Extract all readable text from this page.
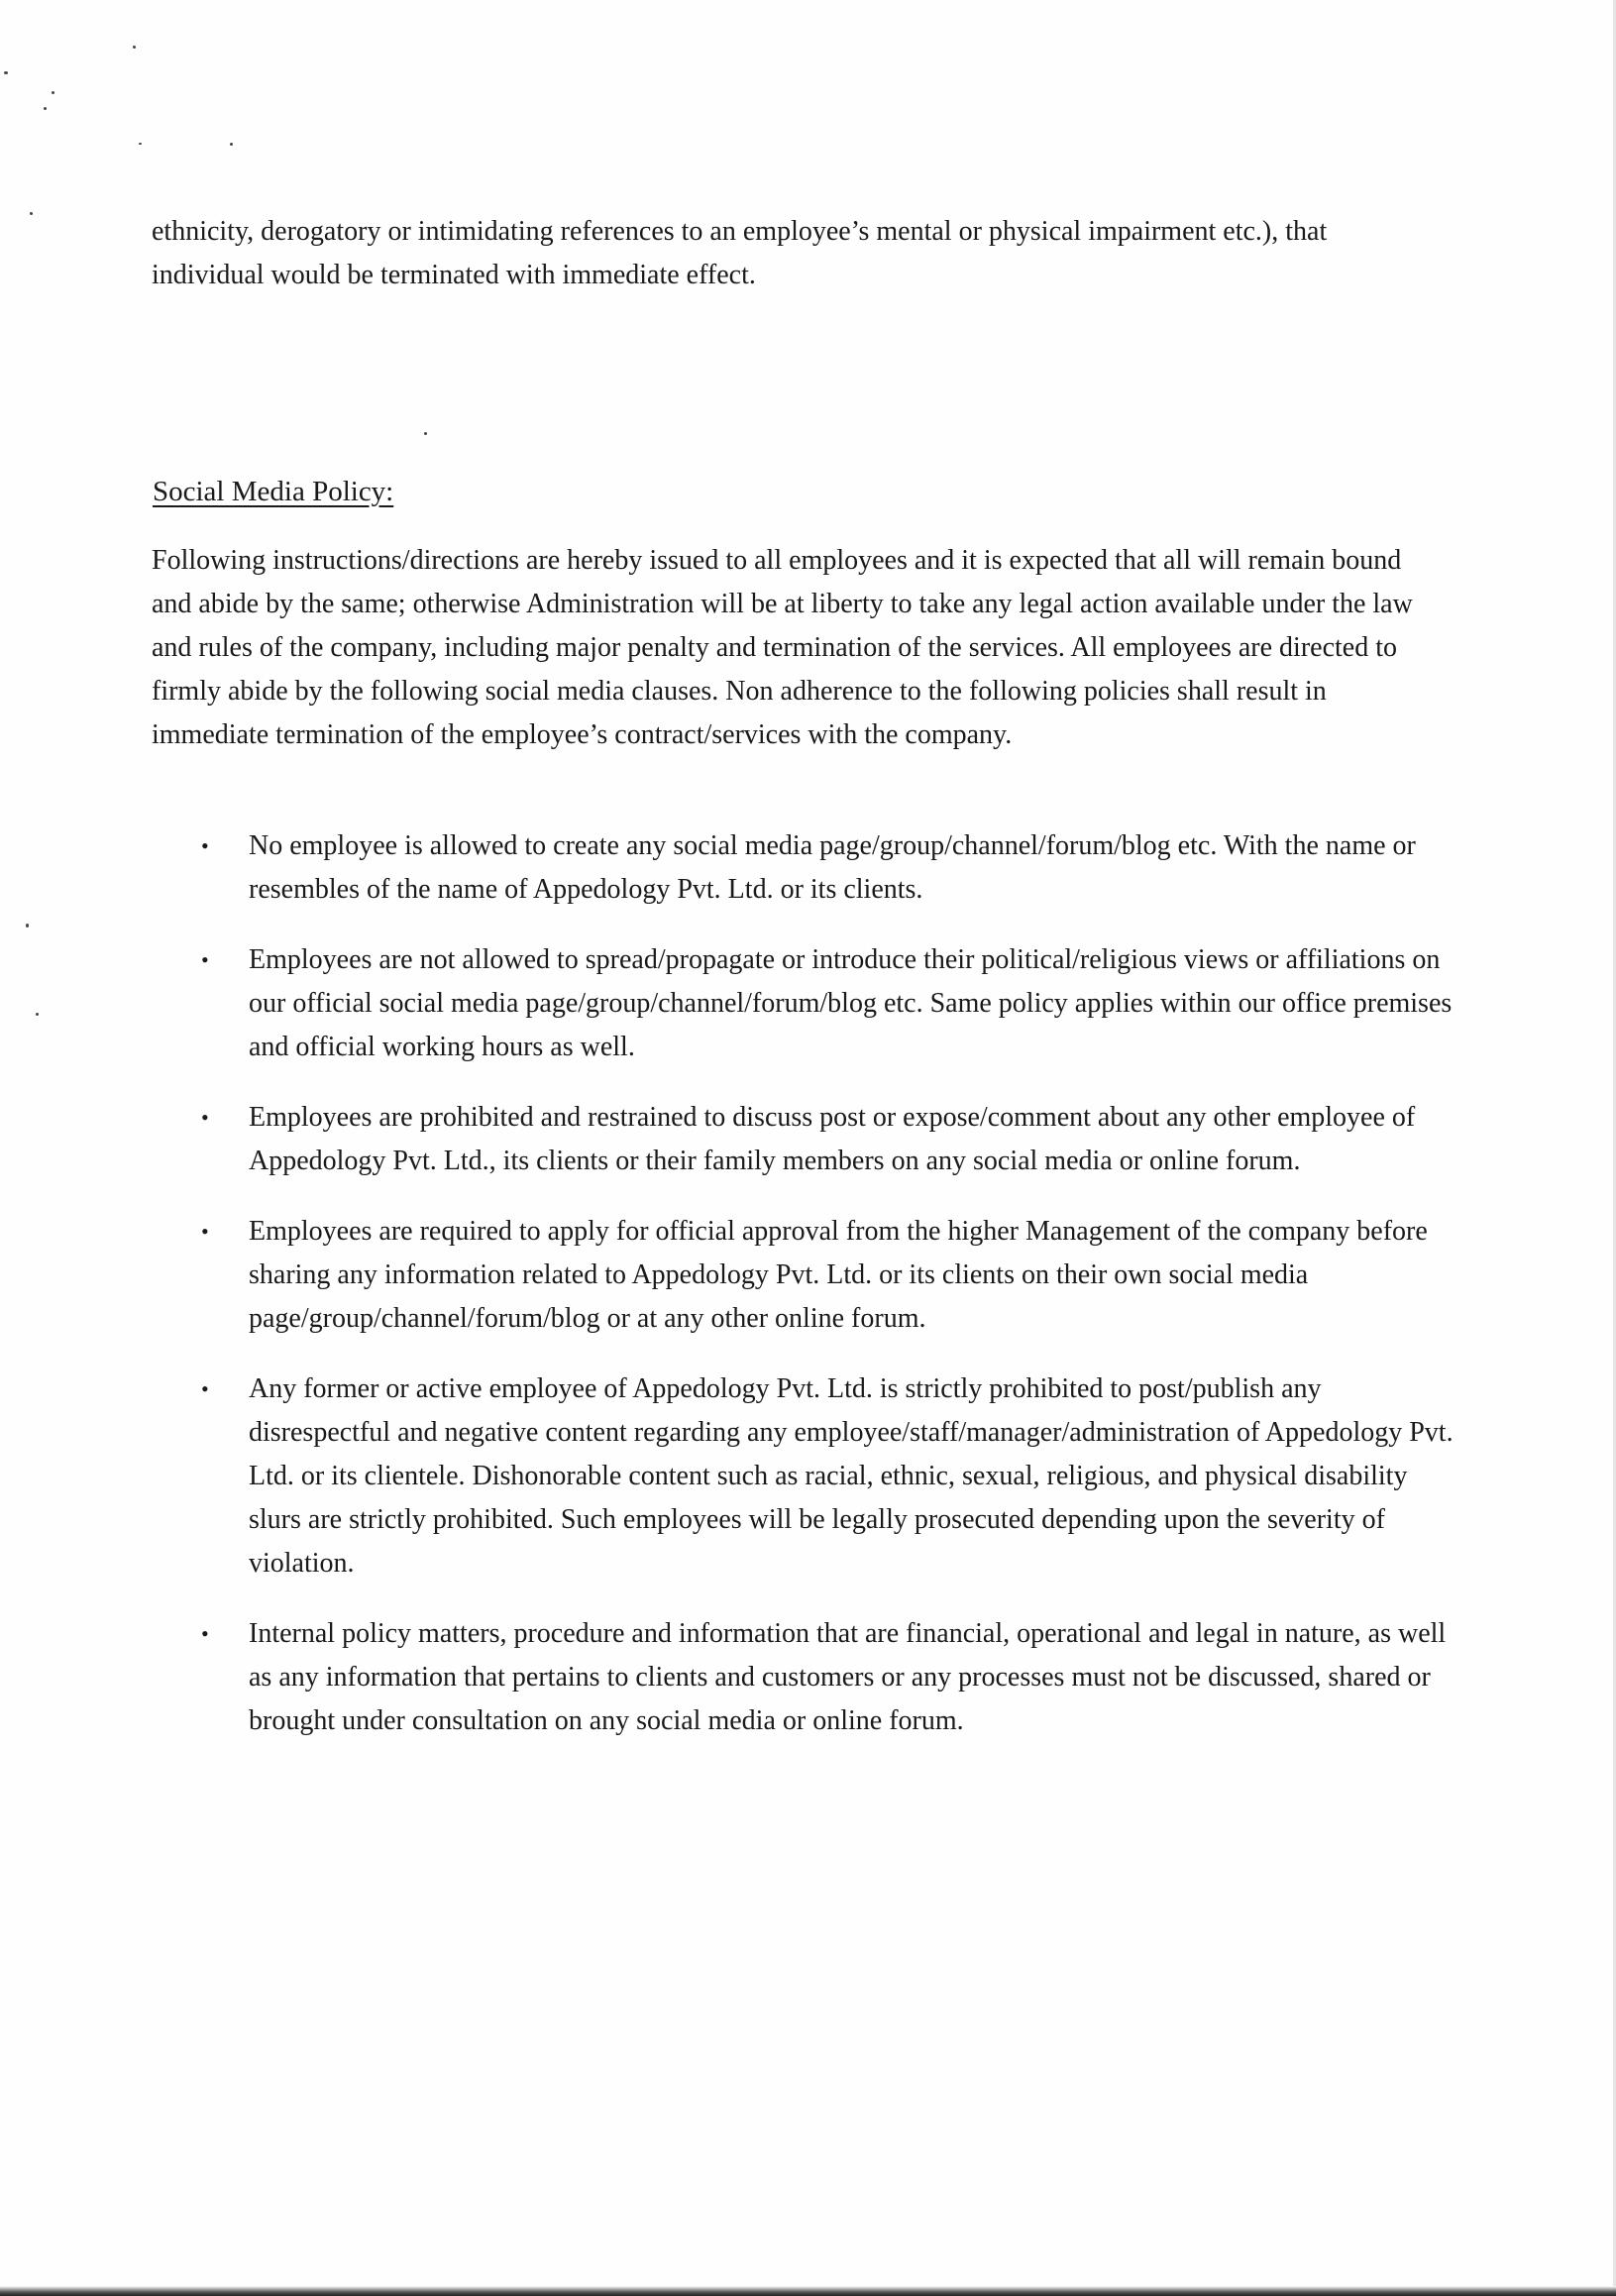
ethnicity, derogatory or intimidating references to an employee’s mental or physical impairment etc.), that individual would be terminated with immediate effect.
Social Media Policy:
Following instructions/directions are hereby issued to all employees and it is expected that all will remain bound and abide by the same; otherwise Administration will be at liberty to take any legal action available under the law and rules of the company, including major penalty and termination of the services. All employees are directed to firmly abide by the following social media clauses. Non adherence to the following policies shall result in immediate termination of the employee’s contract/services with the company.
• No employee is allowed to create any social media page/group/channel/forum/blog etc. With the name or resembles of the name of Appedology Pvt. Ltd. or its clients.
• Employees are not allowed to spread/propagate or introduce their political/religious views or affiliations on our official social media page/group/channel/forum/blog etc. Same policy applies within our office premises and official working hours as well.
• Employees are prohibited and restrained to discuss post or expose/comment about any other employee of Appedology Pvt. Ltd., its clients or their family members on any social media or online forum.
• Employees are required to apply for official approval from the higher Management of the company before sharing any information related to Appedology Pvt. Ltd. or its clients on their own social media page/group/channel/forum/blog or at any other online forum.
• Any former or active employee of Appedology Pvt. Ltd. is strictly prohibited to post/publish any disrespectful and negative content regarding any employee/staff/manager/administration of Appedology Pvt. Ltd. or its clientele. Dishonorable content such as racial, ethnic, sexual, religious, and physical disability slurs are strictly prohibited. Such employees will be legally prosecuted depending upon the severity of violation.
• Internal policy matters, procedure and information that are financial, operational and legal in nature, as well as any information that pertains to clients and customers or any processes must not be discussed, shared or brought under consultation on any social media or online forum.
